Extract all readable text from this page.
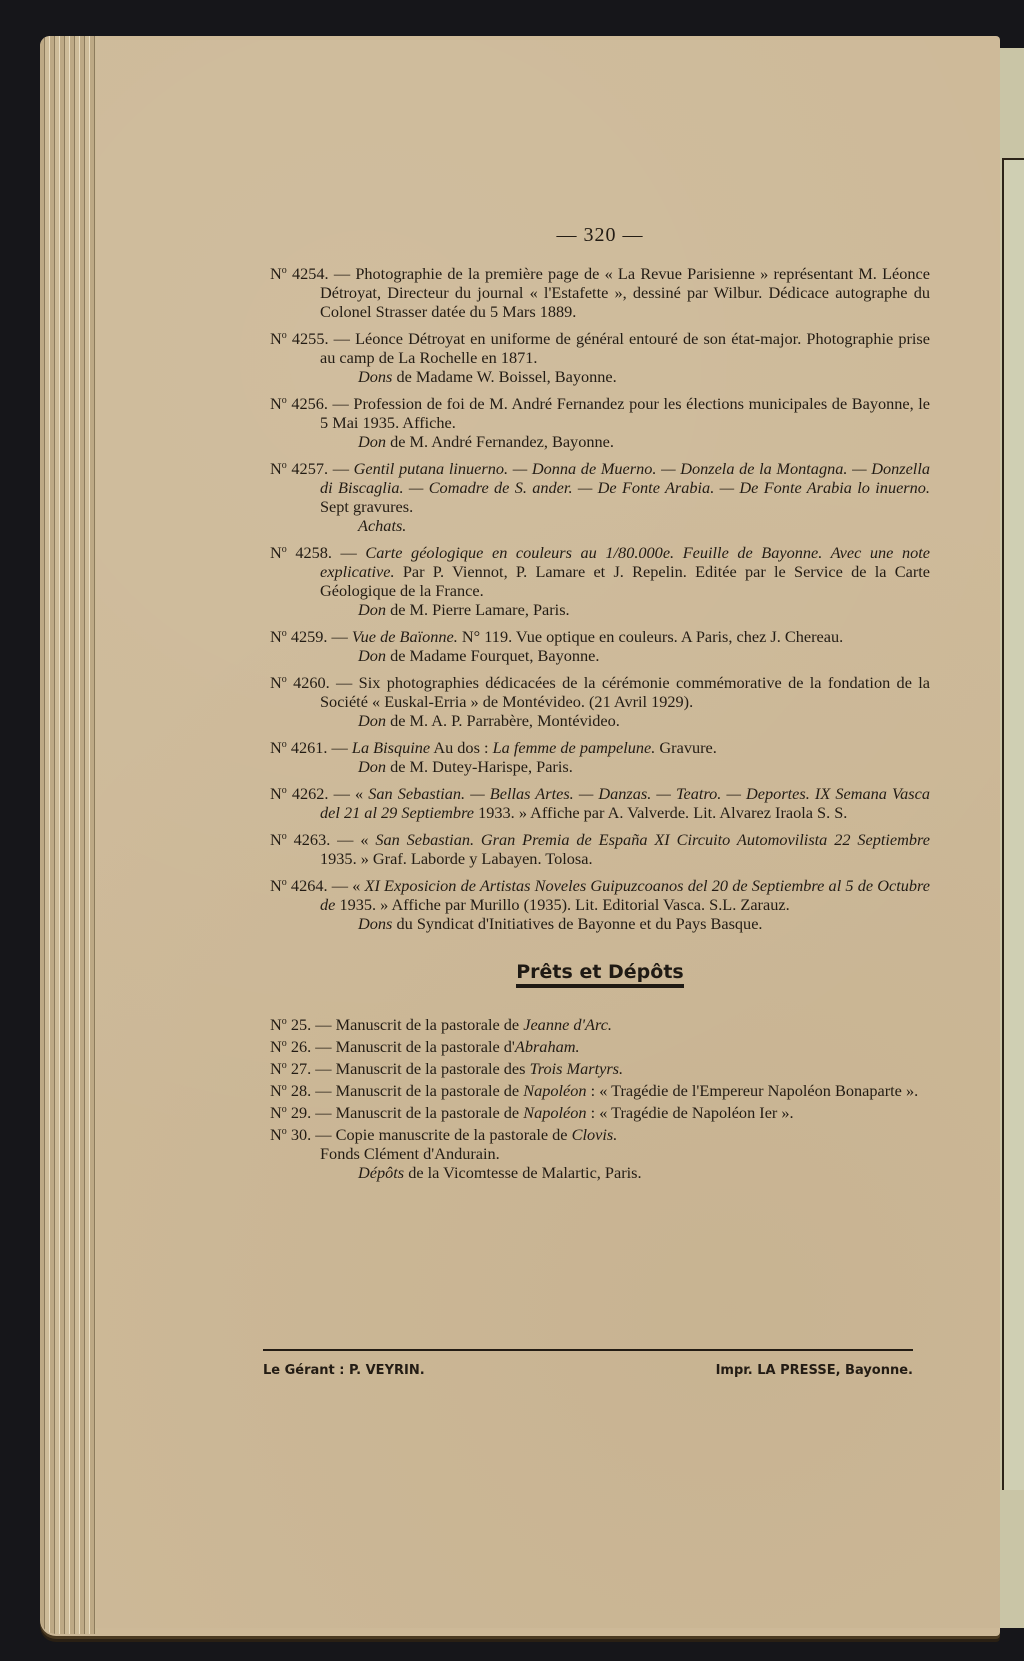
— 320 —
$N^o$ 4254. — Photographie de la première page de « La Revue Parisienne » représentant M. Léonce Détroyat, Directeur du journal « l'Estafette », dessiné par Wilbur. Dédicace autographe du Colonel Strasser datée du 5 Mars 1889.
$N^o$ 4255. — Léonce Détroyat en uniforme de général entouré de son état-major. Photographie prise au camp de La Rochelle en 1871.
Dons de Madame W. Boissel, Bayonne.
$N^o$ 4256. — Profession de foi de M. André Fernandez pour les élections municipales de Bayonne, le 5 Mai 1935. Affiche.
Don de M. André Fernandez, Bayonne.
$N^o$ 4257. — Gentil putana linuerno. — Donna de Muerno. — Donzela de la Montagna. — Donzella di Biscaglia. — Comadre de S. ander. — De Fonte Arabia. — De Fonte Arabia lo inuerno. Sept gravures.
Achats.
$N^o$ 4258. — Carte géologique en couleurs au 1/80.000e. Feuille de Bayonne. Avec une note explicative. Par P. Viennot, P. Lamare et J. Repelin. Editée par le Service de la Carte Géologique de la France.
Don de M. Pierre Lamare, Paris.
$N^o$ 4259. — Vue de Baïonne. N° 119. Vue optique en couleurs. A Paris, chez J. Chereau.
Don de Madame Fourquet, Bayonne.
$N^o$ 4260. — Six photographies dédicacées de la cérémonie commémorative de la fondation de la Société « Euskal-Erria » de Montévideo. (21 Avril 1929).
Don de M. A. P. Parrabère, Montévideo.
$N^o$ 4261. — La Bisquine Au dos : La femme de pampelune. Gravure.
Don de M. Dutey-Harispe, Paris.
$N^o$ 4262. — « San Sebastian. — Bellas Artes. — Danzas. — Teatro. — Deportes. IX Semana Vasca del 21 al 29 Septiembre 1933. » Affiche par A. Valverde. Lit. Alvarez Iraola S. S.
$N^o$ 4263. — « San Sebastian. Gran Premia de España XI Circuito Automovilista 22 Septiembre 1935. » Graf. Laborde y Labayen. Tolosa.
$N^o$ 4264. — « XI Exposicion de Artistas Noveles Guipuzcoanos del 20 de Septiembre al 5 de Octubre de 1935. » Affiche par Murillo (1935). Lit. Editorial Vasca. S.L. Zarauz.
Dons du Syndicat d'Initiatives de Bayonne et du Pays Basque.
Prêts et Dépôts
$N^o$ 25. — Manuscrit de la pastorale de Jeanne d'Arc.
$N^o$ 26. — Manuscrit de la pastorale d'Abraham.
$N^o$ 27. — Manuscrit de la pastorale des Trois Martyrs.
$N^o$ 28. — Manuscrit de la pastorale de Napoléon : « Tragédie de l'Empereur Napoléon Bonaparte ».
$N^o$ 29. — Manuscrit de la pastorale de Napoléon : « Tragédie de Napoléon Ier ».
$N^o$ 30. — Copie manuscrite de la pastorale de Clovis.
Fonds Clément d'Andurain.
Dépôts de la Vicomtesse de Malartic, Paris.
Le Gérant : P. VEYRIN.	Impr. LA PRESSE, Bayonne.
